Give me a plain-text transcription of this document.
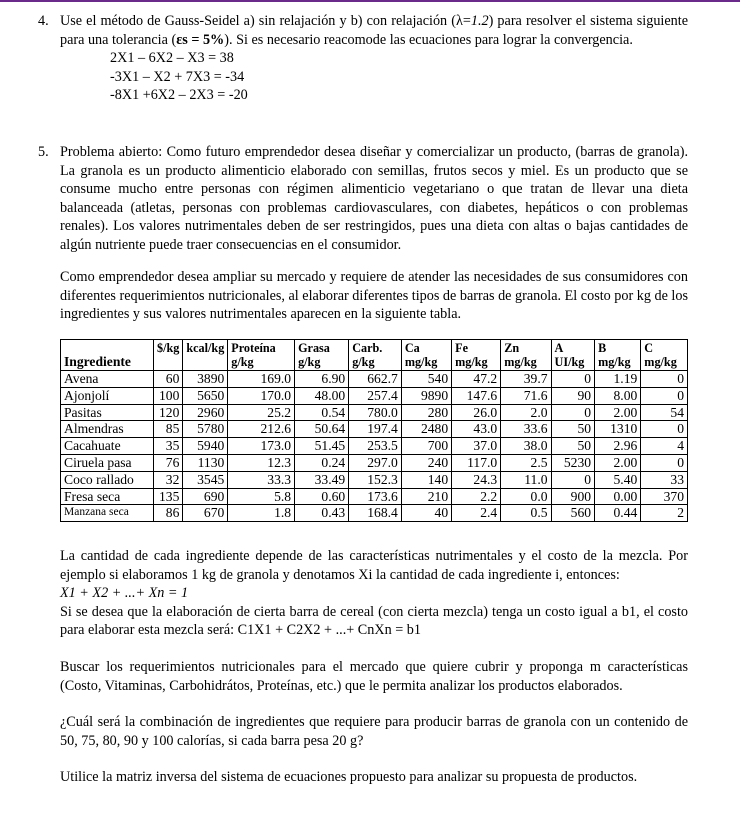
4. Use el método de Gauss-Seidel a) sin relajación y b) con relajación (λ=1.2) para resolver el sistema siguiente para una tolerancia (εs = 5%). Si es necesario reacomode las ecuaciones para lograr la convergencia.
2X1 – 6X2 – X3 = 38
-3X1 – X2 + 7X3 = -34
-8X1 +6X2 – 2X3 = -20
5. Problema abierto: Como futuro emprendedor desea diseñar y comercializar un producto, (barras de granola). La granola es un producto alimenticio elaborado con semillas, frutos secos y miel. Es un producto que se consume mucho entre personas con régimen alimenticio vegetariano o que tratan de llevar una dieta balanceada (atletas, personas con problemas cardiovasculares, con diabetes, hepáticos o con problemas renales). Los valores nutrimentales deben de ser restringidos, pues una dieta con altas o bajas cantidades de algún nutriente puede traer consecuencias en el consumidor.
Como emprendedor desea ampliar su mercado y requiere de atender las necesidades de sus consumidores con diferentes requerimientos nutricionales, al elaborar diferentes tipos de barras de granola. El costo por kg de los ingredientes y sus valores nutrimentales aparecen en la siguiente tabla.
Ingrediente	$/kg	kcal/kg	Proteína g/kg	Grasa g/kg	Carb. g/kg	Ca mg/kg	Fe mg/kg	Zn mg/kg	A UI/kg	B mg/kg	C mg/kg
Avena	60	3890	169.0	6.90	662.7	540	47.2	39.7	0	1.19	0
Ajonjolí	100	5650	170.0	48.00	257.4	9890	147.6	71.6	90	8.00	0
Pasitas	120	2960	25.2	0.54	780.0	280	26.0	2.0	0	2.00	54
Almendras	85	5780	212.6	50.64	197.4	2480	43.0	33.6	50	1310	0
Cacahuate	35	5940	173.0	51.45	253.5	700	37.0	38.0	50	2.96	4
Ciruela pasa	76	1130	12.3	0.24	297.0	240	117.0	2.5	5230	2.00	0
Coco rallado	32	3545	33.3	33.49	152.3	140	24.3	11.0	0	5.40	33
Fresa seca	135	690	5.8	0.60	173.6	210	2.2	0.0	900	0.00	370
Manzana seca	86	670	1.8	0.43	168.4	40	2.4	0.5	560	0.44	2

La cantidad de cada ingrediente depende de las características nutrimentales y el costo de la mezcla. Por ejemplo si elaboramos 1 kg de granola y denotamos Xi la cantidad de cada ingrediente i, entonces:

X1 + X2 + ...+ Xn = 1

Si se desea que la elaboración de cierta barra de cereal (con cierta mezcla) tenga un costo igual a b1, el costo para elaborar esta mezcla será: C1X1 + C2X2 + ...+ CnXn = b1

Buscar los requerimientos nutricionales para el mercado que quiere cubrir y proponga m características (Costo, Vitaminas, Carbohidrátos, Proteínas, etc.) que le permita analizar los productos elaborados.

¿Cuál será la combinación de ingredientes que requiere para producir barras de granola con un contenido de 50, 75, 80, 90 y 100 calorías, si cada barra pesa 20 g?

Utilice la matriz inversa del sistema de ecuaciones propuesto para analizar su propuesta de productos.
